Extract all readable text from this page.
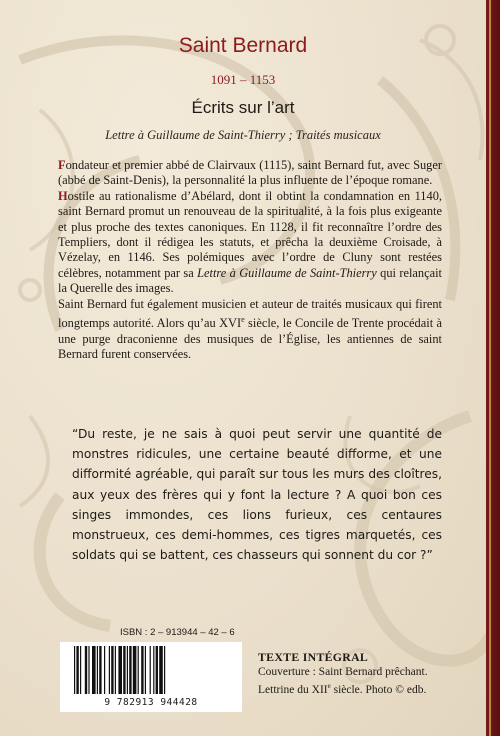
Saint Bernard
1091 – 1153
Écrits sur l’art
Lettre à Guillaume de Saint-Thierry ; Traités musicaux

Fondateur et premier abbé de Clairvaux (1115), saint Bernard fut, avec Suger (abbé de Saint-Denis), la personnalité la plus influente de l’époque romane.

Hostile au rationalisme d’Abélard, dont il obtint la condamnation en 1140, saint Bernard promut un renouveau de la spiritualité, à la fois plus exigeante et plus proche des textes canoniques. En 1128, il fit reconnaître l’ordre des Templiers, dont il rédigea les statuts, et prêcha la deuxième Croisade, à Vézelay, en 1146. Ses polémiques avec l’ordre de Cluny sont restées célèbres, notamment par sa Lettre à Guillaume de Saint-Thierry qui relançait la Querelle des images.

Saint Bernard fut également musicien et auteur de traités musicaux qui firent longtemps autorité. Alors qu’au XVIe siècle, le Concile de Trente procédait à une purge draconienne des musiques de l’Église, les antiennes de saint Bernard furent conservées.

“Du reste, je ne sais à quoi peut servir une quantité de monstres ridicules, une certaine beauté difforme, et une difformité agréable, qui paraît sur tous les murs des cloîtres, aux yeux des frères qui y font la lecture ? A quoi bon ces singes immondes, ces lions furieux, ces centaures monstrueux, ces demi-hommes, ces tigres marquetés, ces soldats qui se battent, ces chasseurs qui sonnent du cor ?”
ISBN : 2 – 913944 – 42 – 6
9 782913 944428
TEXTE INTÉGRAL
Couverture : Saint Bernard prêchant.
Lettrine du XIIe siècle. Photo © edb.
